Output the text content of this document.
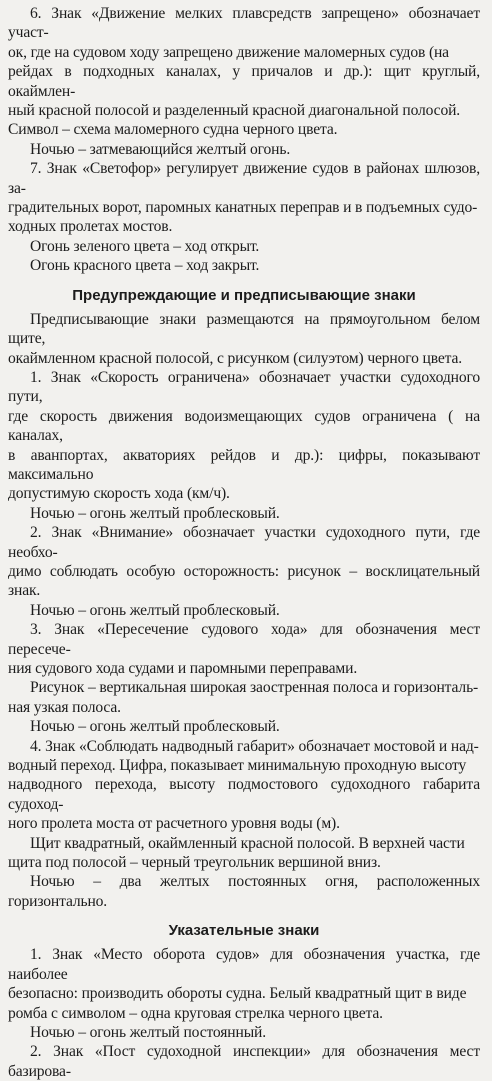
6. Знак «Движение мелких плавсредств запрещено» обозначает участ-
ок, где на судовом ходу запрещено движение маломерных судов (на
рейдах в подходных каналах, у причалов и др.): щит круглый, окаймлен-
ный красной полосой и разделенный красной диагональной полосой.
Символ – схема маломерного судна черного цвета.

Ночью – затмевающийся желтый огонь.

7. Знак «Светофор» регулирует движение судов в районах шлюзов, за-
градительных ворот, паромных канатных переправ и в подъемных судо-
ходных пролетах мостов.

Огонь зеленого цвета – ход открыт.

Огонь красного цвета – ход закрыт.

Предупреждающие и предписывающие знаки

Предписывающие знаки размещаются на прямоугольном белом щите,
окаймленном красной полосой, с рисунком (силуэтом) черного цвета.

1. Знак «Скорость ограничена» обозначает участки судоходного пути,
где скорость движения водоизмещающих судов ограничена ( на каналах,
в аванпортах, акваториях рейдов и др.): цифры, показывают максимально
допустимую скорость хода (км/ч).

Ночью – огонь желтый проблесковый.

2. Знак «Внимание» обозначает участки судоходного пути, где необхо-
димо соблюдать особую осторожность: рисунок – восклицательный знак.

Ночью – огонь желтый проблесковый.

3. Знак «Пересечение судового хода» для обозначения мест пересече-
ния судового хода судами и паромными переправами.

Рисунок – вертикальная широкая заостренная полоса и горизонталь-
ная узкая полоса.

Ночью – огонь желтый проблесковый.

4. Знак «Соблюдать надводный габарит» обозначает мостовой и над-
водный переход. Цифра, показывает минимальную проходную высоту
надводного перехода, высоту подмостового судоходного габарита судоход-
ного пролета моста от расчетного уровня воды (м).

Щит квадратный, окаймленный красной полосой. В верхней части
щита под полосой – черный треугольник вершиной вниз.

Ночью – два желтых постоянных огня, расположенных горизонтально.

Указательные знаки

1. Знак «Место оборота судов» для обозначения участка, где наиболее
безопасно: производить обороты судна. Белый квадратный щит в виде
ромба с символом – одна круговая стрелка черного цвета.

Ночью – огонь желтый постоянный.

2. Знак «Пост судоходной инспекции» для обозначения мест базирова-
